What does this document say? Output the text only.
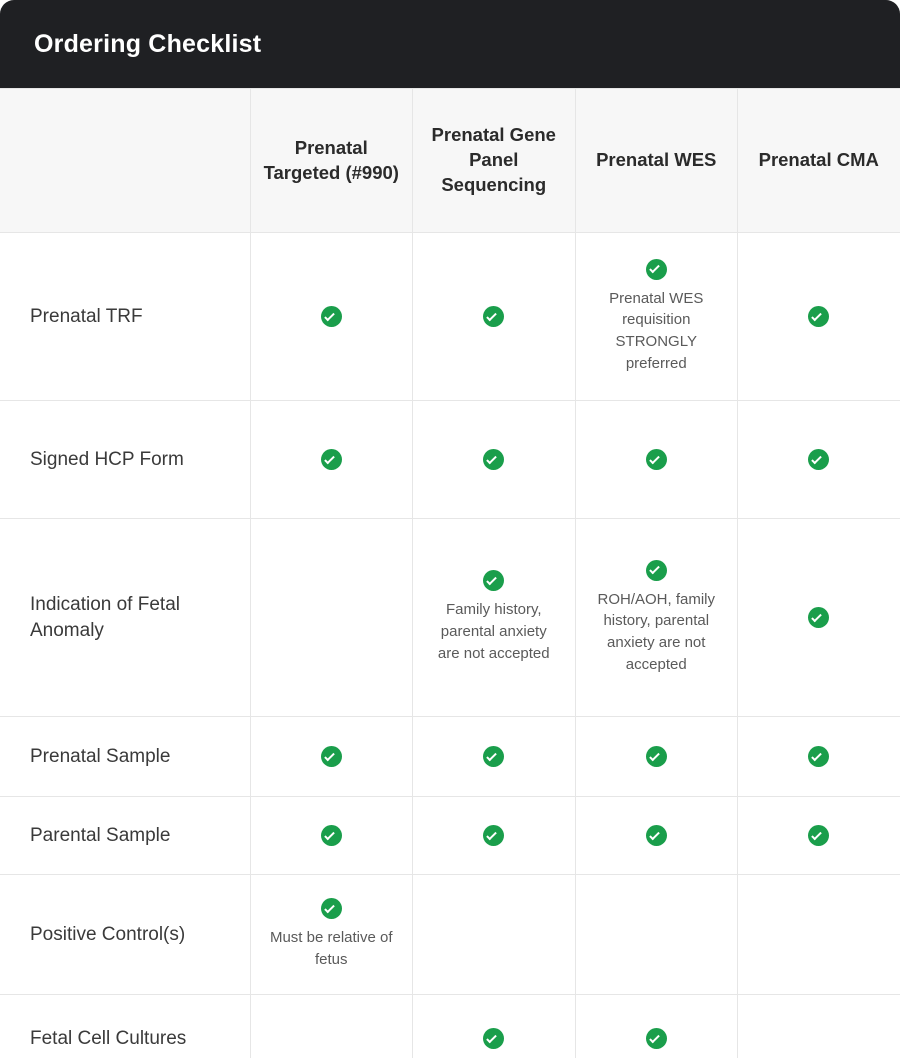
Ordering Checklist
	Prenatal Targeted (#990)	Prenatal Gene Panel Sequencing	Prenatal WES	Prenatal CMA
Prenatal TRF			Prenatal WES requisition STRONGLY preferred	

Signed HCP Form	

Indication of Fetal Anomaly		Family history, parental anxiety are not accepted	ROH/AOH, family history, parental anxiety are not accepted	

Prenatal Sample	

Parental Sample	

Positive Control(s)	Must be relative of fetus			

Fetal Cell Cultures		
